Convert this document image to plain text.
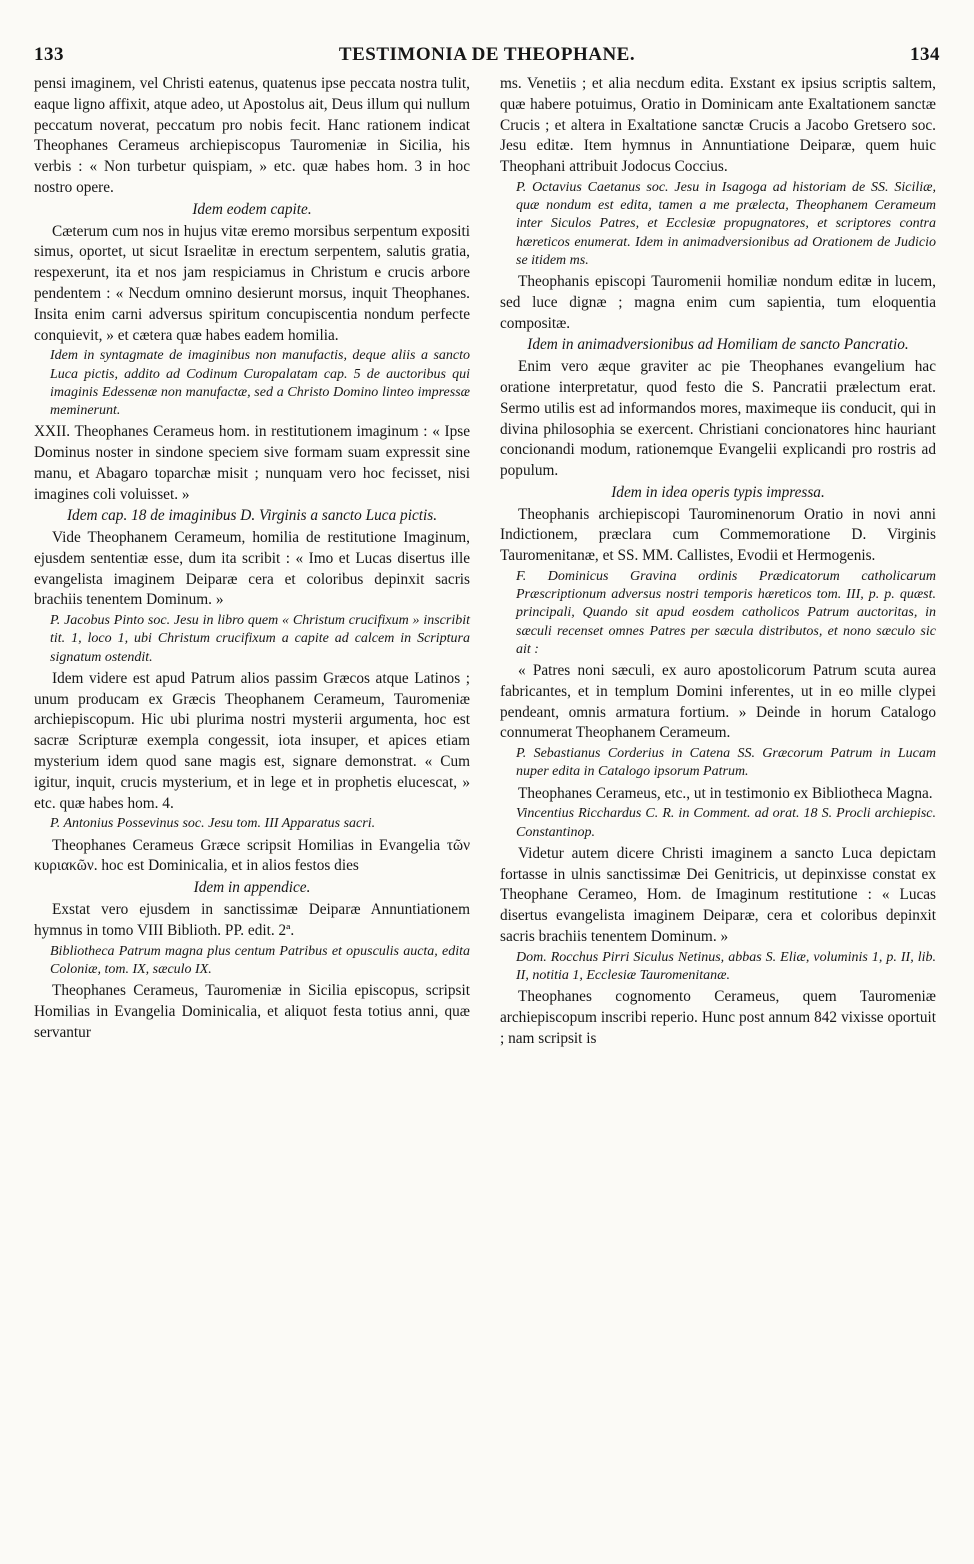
133	TESTIMONIA DE THEOPHANE.	134

pensi imaginem, vel Christi eatenus, quatenus ipse peccata nostra tulit, eaque ligno affixit, atque adeo, ut Apostolus ait, Deus illum qui nullum peccatum noverat, peccatum pro nobis fecit. Hanc rationem indicat Theophanes Cerameus archiepiscopus Tauromeniæ in Sicilia, his verbis : « Non turbetur quispiam, » etc. quæ habes hom. 3 in hoc nostro opere.

Idem eodem capite.

Cæterum cum nos in hujus vitæ eremo morsibus serpentum expositi simus, oportet, ut sicut Israelitæ in erectum serpentem, salutis gratia, respexerunt, ita et nos jam respiciamus in Christum e crucis arbore pendentem : « Necdum omnino desierunt morsus, inquit Theophanes. Insita enim carni adversus spiritum concupiscentia nondum perfecte conquievit, » et cætera quæ habes eadem homilia.

Idem in syntagmate de imaginibus non manufactis, deque aliis a sancto Luca pictis, addito ad Codinum Curopalatam cap. 5 de auctoribus qui imaginis Edessenæ non manufactæ, sed a Christo Domino linteo impressæ meminerunt.

XXII. Theophanes Cerameus hom. in restitutionem imaginum : « Ipse Dominus noster in sindone speciem sive formam suam expressit sine manu, et Abagaro toparchæ misit ; nunquam vero hoc fecisset, nisi imagines coli voluisset. »

Idem cap. 18 de imaginibus D. Virginis a sancto Luca pictis.

Vide Theophanem Cerameum, homilia de restitutione Imaginum, ejusdem sententiæ esse, dum ita scribit : « Imo et Lucas disertus ille evangelista imaginem Deiparæ cera et coloribus depinxit sacris brachiis tenentem Dominum. »

P. Jacobus Pinto soc. Jesu in libro quem « Christum crucifixum » inscribit tit. 1, loco 1, ubi Christum crucifixum a capite ad calcem in Scriptura signatum ostendit.

Idem videre est apud Patrum alios passim Græcos atque Latinos ; unum producam ex Græcis Theophanem Cerameum, Tauromeniæ archiepiscopum. Hic ubi plurima nostri mysterii argumenta, hoc est sacræ Scripturæ exempla congessit, iota insuper, et apices etiam mysterium idem quod sane magis est, signare demonstrat. « Cum igitur, inquit, crucis mysterium, et in lege et in prophetis elucescat, » etc. quæ habes hom. 4.

P. Antonius Possevinus soc. Jesu tom. III Apparatus sacri.

Theophanes Cerameus Græce scripsit Homilias in Evangelia τῶν κυριακῶν. hoc est Dominicalia, et in alios festos dies

Idem in appendice.

Exstat vero ejusdem in sanctissimæ Deiparæ Annuntiationem hymnus in tomo VIII Biblioth. PP. edit. 2ª.

Bibliotheca Patrum magna plus centum Patribus et opusculis aucta, edita Coloniæ, tom. IX, sæculo IX.

Theophanes Cerameus, Tauromeniæ in Sicilia episcopus, scripsit Homilias in Evangelia Dominicalia, et aliquot festa totius anni, quæ servantur

ms. Venetiis ; et alia necdum edita. Exstant ex ipsius scriptis saltem, quæ habere potuimus, Oratio in Dominicam ante Exaltationem sanctæ Crucis ; et altera in Exaltatione sanctæ Crucis a Jacobo Gretsero soc. Jesu editæ. Item hymnus in Annuntiatione Deiparæ, quem huic Theophani attribuit Jodocus Coccius.

P. Octavius Caetanus soc. Jesu in Isagoga ad historiam de SS. Siciliæ, quæ nondum est edita, tamen a me prælecta, Theophanem Cerameum inter Siculos Patres, et Ecclesiæ propugnatores, et scriptores contra hæreticos enumerat. Idem in animadversionibus ad Orationem de Judicio se itidem ms.

Theophanis episcopi Tauromenii homiliæ nondum editæ in lucem, sed luce dignæ ; magna enim cum sapientia, tum eloquentia compositæ.

Idem in animadversionibus ad Homiliam de sancto Pancratio.

Enim vero æque graviter ac pie Theophanes evangelium hac oratione interpretatur, quod festo die S. Pancratii prælectum erat. Sermo utilis est ad informandos mores, maximeque iis conducit, qui in divina philosophia se exercent. Christiani concionatores hinc hauriant concionandi modum, rationemque Evangelii explicandi pro rostris ad populum.

Idem in idea operis typis impressa.

Theophanis archiepiscopi Taurominenorum Oratio in novi anni Indictionem, præclara cum Commemoratione D. Virginis Tauromenitanæ, et SS. MM. Callistes, Evodii et Hermogenis.

F. Dominicus Gravina ordinis Prædicatorum catholicarum Præscriptionum adversus nostri temporis hæreticos tom. III, p. p. quæst. principali, Quando sit apud eosdem catholicos Patrum auctoritas, in sæculi recenset omnes Patres per sæcula distributos, et nono sæculo sic ait :

« Patres noni sæculi, ex auro apostolicorum Patrum scuta aurea fabricantes, et in templum Domini inferentes, ut in eo mille clypei pendeant, omnis armatura fortium. » Deinde in horum Catalogo connumerat Theophanem Cerameum.

P. Sebastianus Corderius in Catena SS. Græcorum Patrum in Lucam nuper edita in Catalogo ipsorum Patrum.

Theophanes Cerameus, etc., ut in testimonio ex Bibliotheca Magna.

Vincentius Ricchardus C. R. in Comment. ad orat. 18 S. Procli archiepisc. Constantinop.

Videtur autem dicere Christi imaginem a sancto Luca depictam fortasse in ulnis sanctissimæ Dei Genitricis, ut depinxisse constat ex Theophane Cerameo, Hom. de Imaginum restitutione : « Lucas disertus evangelista imaginem Deiparæ, cera et coloribus depinxit sacris brachiis tenentem Dominum. »

Dom. Rocchus Pirri Siculus Netinus, abbas S. Eliæ, voluminis 1, p. II, lib. II, notitia 1, Ecclesiæ Tauromenitanæ.

Theophanes cognomento Cerameus, quem Tauromeniæ archiepiscopum inscribi reperio. Hunc post annum 842 vixisse oportuit ; nam scripsit is
